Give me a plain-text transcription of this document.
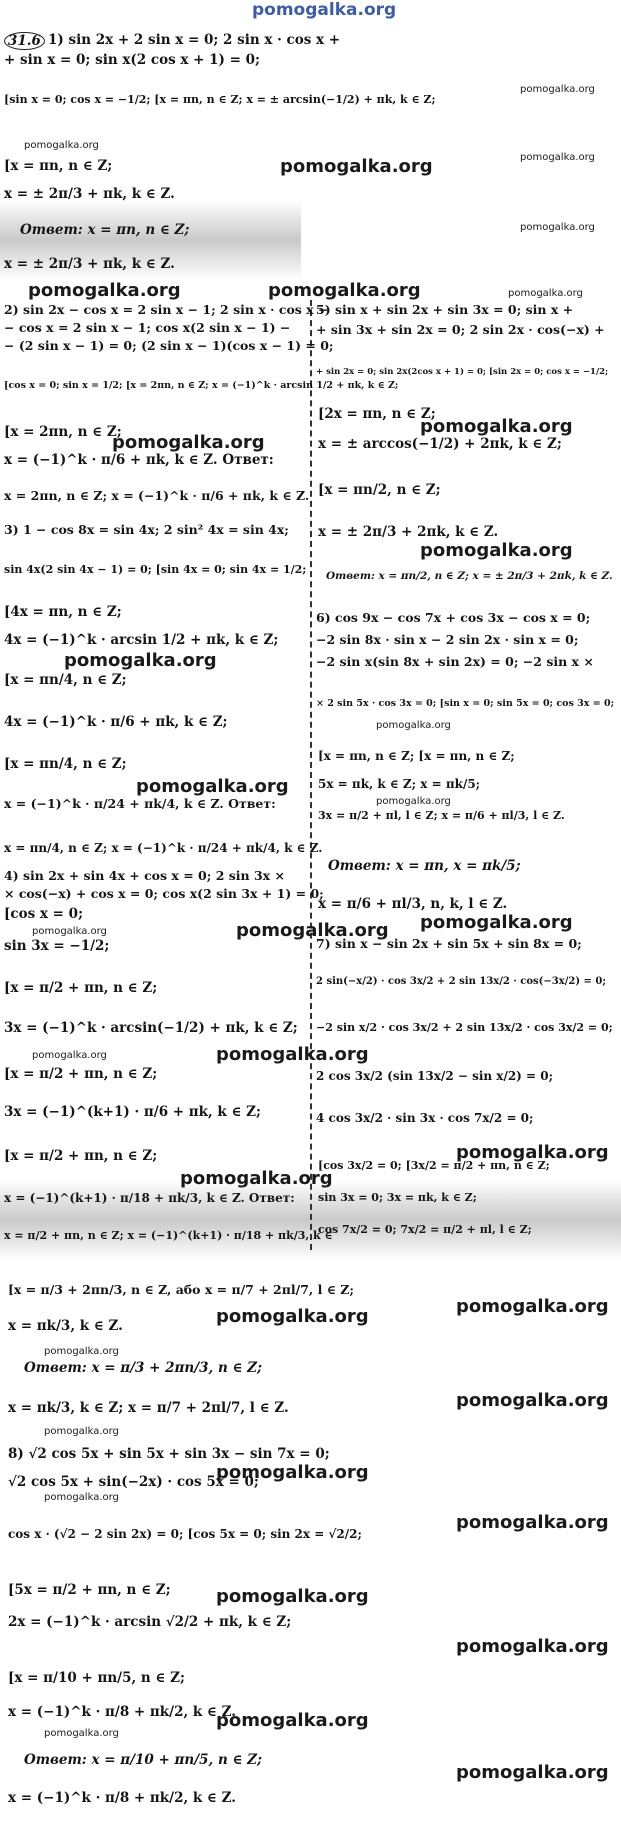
pomogalka.org
31.6 1) sin 2x + 2 sin x = 0; 2 sin x · cos x +
+ sin x = 0; sin x(2 cos x + 1) = 0;
[sin x = 0; cos x = −1/2; [x = πn, n ∈ Z; x = ± arcsin(−1/2) + πk, k ∈ Z;
[x = πn, n ∈ Z;
x = ± 2π/3 + πk, k ∈ Z.
Ответ: x = πn, n ∈ Z;
x = ± 2π/3 + πk, k ∈ Z.
2) sin 2x − cos x = 2 sin x − 1; 2 sin x · cos x −
− cos x = 2 sin x − 1; cos x(2 sin x − 1) −
− (2 sin x − 1) = 0; (2 sin x − 1)(cos x − 1) = 0;
[cos x = 0; sin x = 1/2; [x = 2πn, n ∈ Z; x = (−1)^k · arcsin 1/2 + πk, k ∈ Z;
[x = 2πn, n ∈ Z;
x = (−1)^k · π/6 + πk, k ∈ Z. Ответ:
x = 2πn, n ∈ Z; x = (−1)^k · π/6 + πk, k ∈ Z.
3) 1 − cos 8x = sin 4x; 2 sin² 4x = sin 4x;
sin 4x(2 sin 4x − 1) = 0; [sin 4x = 0; sin 4x = 1/2;
[4x = πn, n ∈ Z;
4x = (−1)^k · arcsin 1/2 + πk, k ∈ Z;
[x = πn/4, n ∈ Z;
4x = (−1)^k · π/6 + πk, k ∈ Z;
[x = πn/4, n ∈ Z;
x = (−1)^k · π/24 + πk/4, k ∈ Z. Ответ:
x = πn/4, n ∈ Z; x = (−1)^k · π/24 + πk/4, k ∈ Z.
4) sin 2x + sin 4x + cos x = 0; 2 sin 3x ×
× cos(−x) + cos x = 0; cos x(2 sin 3x + 1) = 0;
[cos x = 0;
sin 3x = −1/2;
[x = π/2 + πn, n ∈ Z;
3x = (−1)^k · arcsin(−1/2) + πk, k ∈ Z;
[x = π/2 + πn, n ∈ Z;
3x = (−1)^(k+1) · π/6 + πk, k ∈ Z;
[x = π/2 + πn, n ∈ Z;
x = (−1)^(k+1) · π/18 + πk/3, k ∈ Z. Ответ:
x = π/2 + πn, n ∈ Z; x = (−1)^(k+1) · π/18 + πk/3, k ∈
5) sin x + sin 2x + sin 3x = 0; sin x +
+ sin 3x + sin 2x = 0; 2 sin 2x · cos(−x) +
+ sin 2x = 0; sin 2x(2cos x + 1) = 0; [sin 2x = 0; cos x = −1/2;
[2x = πn, n ∈ Z;
x = ± arccos(−1/2) + 2πk, k ∈ Z;
[x = πn/2, n ∈ Z;
x = ± 2π/3 + 2πk, k ∈ Z.
Ответ: x = πn/2, n ∈ Z; x = ± 2π/3 + 2πk, k ∈ Z.
6) cos 9x − cos 7x + cos 3x − cos x = 0;
−2 sin 8x · sin x − 2 sin 2x · sin x = 0;
−2 sin x(sin 8x + sin 2x) = 0; −2 sin x ×
× 2 sin 5x · cos 3x = 0; [sin x = 0; sin 5x = 0; cos 3x = 0;
[x = πn, n ∈ Z; [x = πn, n ∈ Z;
5x = πk, k ∈ Z; x = πk/5;
3x = π/2 + πl, l ∈ Z; x = π/6 + πl/3, l ∈ Z.
Ответ: x = πn, x = πk/5;
x = π/6 + πl/3, n, k, l ∈ Z.
7) sin x − sin 2x + sin 5x + sin 8x = 0;
2 sin(−x/2) · cos 3x/2 + 2 sin 13x/2 · cos(−3x/2) = 0;
−2 sin x/2 · cos 3x/2 + 2 sin 13x/2 · cos 3x/2 = 0;
2 cos 3x/2 (sin 13x/2 − sin x/2) = 0;
4 cos 3x/2 · sin 3x · cos 7x/2 = 0;
[cos 3x/2 = 0; [3x/2 = π/2 + πn, n ∈ Z;
sin 3x = 0; 3x = πk, k ∈ Z;
cos 7x/2 = 0; 7x/2 = π/2 + πl, l ∈ Z;
[x = π/3 + 2πn/3, n ∈ Z, або x = π/7 + 2πl/7, l ∈ Z;
x = πk/3, k ∈ Z.
Ответ: x = π/3 + 2πn/3, n ∈ Z;
x = πk/3, k ∈ Z; x = π/7 + 2πl/7, l ∈ Z.
8) √2 cos 5x + sin 5x + sin 3x − sin 7x = 0;
√2 cos 5x + sin(−2x) · cos 5x = 0;
cos x · (√2 − 2 sin 2x) = 0; [cos 5x = 0; sin 2x = √2/2;
[5x = π/2 + πn, n ∈ Z;
2x = (−1)^k · arcsin √2/2 + πk, k ∈ Z;
[x = π/10 + πn/5, n ∈ Z;
x = (−1)^k · π/8 + πk/2, k ∈ Z.
Ответ: x = π/10 + πn/5, n ∈ Z;
x = (−1)^k · π/8 + πk/2, k ∈ Z.
pomogalka.org
pomogalka.org
pomogalka.org
pomogalka.org
pomogalka.org
pomogalka.org	pomogalka.org	pomogalka.org
pomogalka.org
pomogalka.org
pomogalka.org
pomogalka.org
pomogalka.org
pomogalka.org
pomogalka.org
pomogalka.org pomogalka.org
pomogalka.org
pomogalka.org
pomogalka.org
pomogalka.org
pomogalka.org
pomogalka.org
pomogalka.org
pomogalka.org
pomogalka.org
pomogalka.org
pomogalka.org
pomogalka.org
pomogalka.org
pomogalka.org
pomogalka.org
pomogalka.org
pomogalka.org
pomogalka.org
